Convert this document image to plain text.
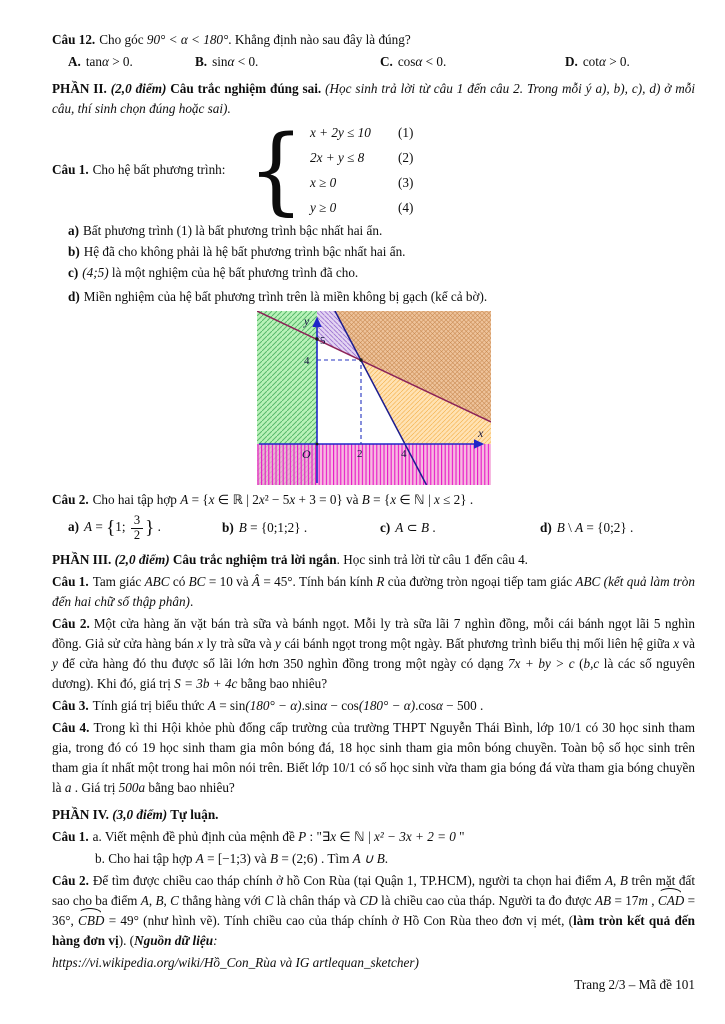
Câu 12. Cho góc 90° < α < 180°. Khẳng định nào sau đây là đúng?
A. tanα > 0.	B. sinα < 0.	C. cosα < 0.	D. cotα > 0.
PHẦN II. (2,0 điểm) Câu trắc nghiệm đúng sai. (Học sinh trả lời từ câu 1 đến câu 2. Trong mỗi ý a), b), c), d) ở mỗi câu, thí sinh chọn đúng hoặc sai).
Câu 1. Cho hệ bất phương trình: { x + 2y ≤ 10	(1)
2x + y ≤ 8	(2)
x ≥ 0	(3)
y ≥ 0	(4)
a) Bất phương trình (1) là bất phương trình bậc nhất hai ẩn.
b) Hệ đã cho không phải là hệ bất phương trình bậc nhất hai ẩn.
c) (4;5) là một nghiệm của hệ bất phương trình đã cho.
d) Miền nghiệm của hệ bất phương trình trên là miền không bị gạch (kể cả bờ).
y
x
O
5
4
2	4
Câu 2. Cho hai tập hợp A = {x ∈ ℝ | 2x² − 5x + 3 = 0} và B = {x ∈ ℕ | x ≤ 2} .
a) A = {1; $\frac{3}{2}$ } .	b) B = {0;1;2} .	c) A ⊂ B .	d) B \ A = {0;2} .
PHẦN III. (2,0 điểm) Câu trắc nghiệm trả lời ngắn. Học sinh trả lời từ câu 1 đến câu 4.
Câu 1. Tam giác ABC có BC = 10 và Â = 45°. Tính bán kính R của đường tròn ngoại tiếp tam giác ABC (kết quả làm tròn đến hai chữ số thập phân).
Câu 2. Một cửa hàng ăn vặt bán trà sữa và bánh ngọt. Mỗi ly trà sữa lãi 7 nghìn đồng, mỗi cái bánh ngọt lãi 5 nghìn đồng. Giả sử cửa hàng bán x ly trà sữa và y cái bánh ngọt trong một ngày. Bất phương trình biểu thị mối liên hệ giữa x và y để cửa hàng đó thu được số lãi lớn hơn 350 nghìn đồng trong một ngày có dạng 7x + by > c (b,c là các số nguyên dương). Khi đó, giá trị S = 3b + 4c bằng bao nhiêu?
Câu 3. Tính giá trị biểu thức A = sin(180° − α).sinα − cos(180° − α).cosα − 500 .
Câu 4. Trong kì thi Hội khỏe phù đổng cấp trường của trường THPT Nguyễn Thái Bình, lớp 10/1 có 30 học sinh tham gia, trong đó có 19 học sinh tham gia môn bóng đá, 18 học sinh tham gia môn bóng chuyền. Toàn bộ số học sinh trên tham gia ít nhất một trong hai môn nói trên. Biết lớp 10/1 có số học sinh vừa tham gia bóng đá vừa tham gia bóng chuyền là a . Giá trị 500a bằng bao nhiêu?
PHẦN IV. (3,0 điểm) Tự luận.
Câu 1. a. Viết mệnh đề phủ định của mệnh đề P : "∃x ∈ ℕ | x² − 3x + 2 = 0 "
b. Cho hai tập hợp A = [−1;3) và B = (2;6) . Tìm A ∪ B.
Câu 2. Để tìm được chiều cao tháp chính ở hồ Con Rùa (tại Quận 1, TP.HCM), người ta chọn hai điểm A, B trên mặt đất sao cho ba điểm A, B, C thẳng hàng với C là chân tháp và CD là chiều cao của tháp. Người ta đo được AB = 17m , CAD = 36°, CBD = 49° (như hình vẽ). Tính chiều cao của tháp chính ở Hồ Con Rùa theo đơn vị mét, (làm tròn kết quả đến hàng đơn vị). (Nguồn dữ liệu:
https://vi.wikipedia.org/wiki/Hồ_Con_Rùa và IG artlequan_sketcher)
Trang 2/3 – Mã đề 101
